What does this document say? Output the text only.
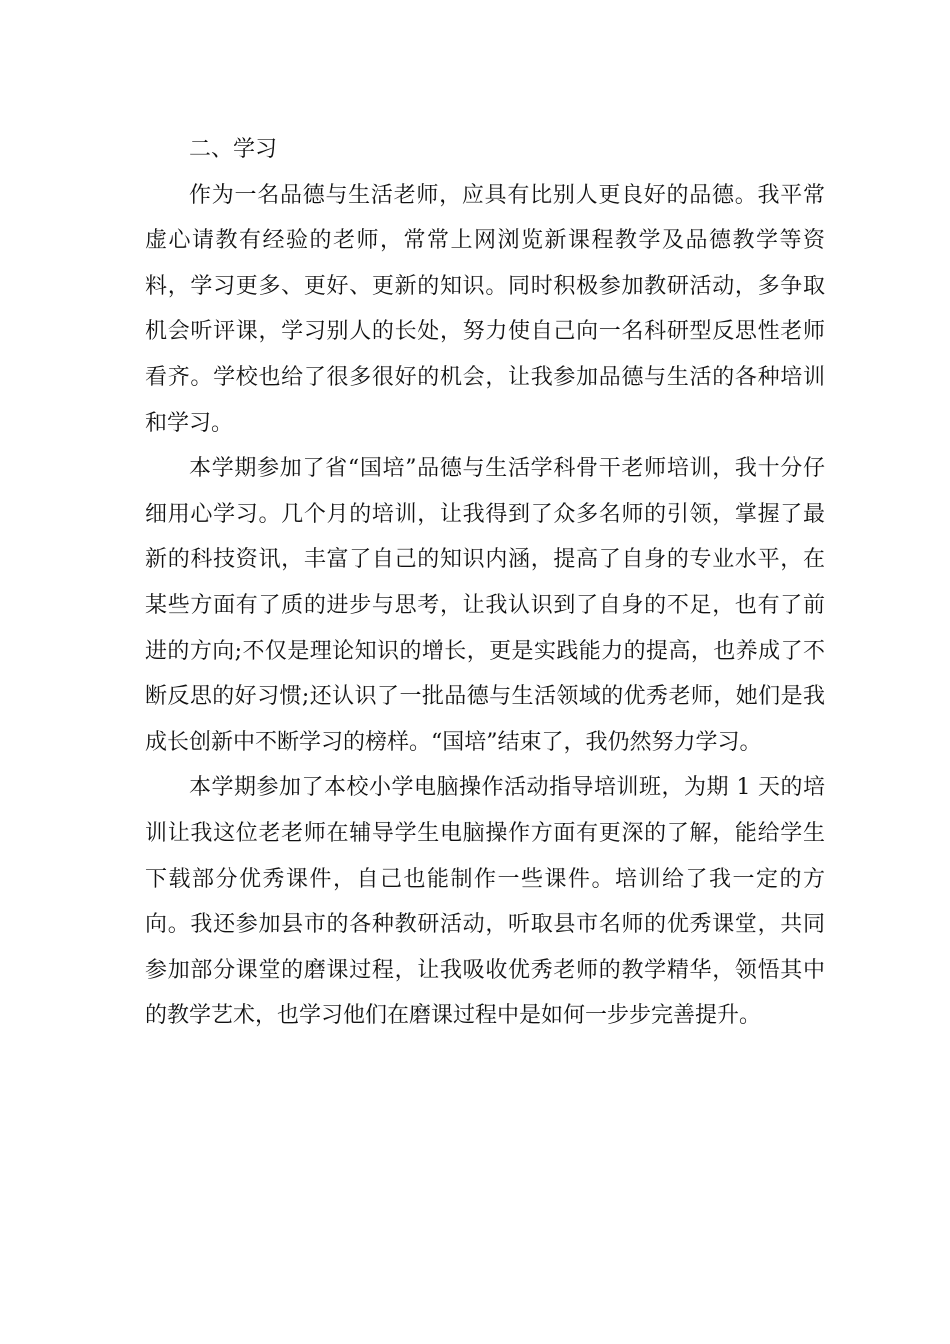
二、学习

作为一名品德与生活老师，应具有比别人更良好的品德。我平常虚心请教有经验的老师，常常上网浏览新课程教学及品德教学等资料，学习更多、更好、更新的知识。同时积极参加教研活动，多争取机会听评课，学习别人的长处，努力使自己向一名科研型反思性老师看齐。学校也给了很多很好的机会，让我参加品德与生活的各种培训和学习。

本学期参加了省“国培”品德与生活学科骨干老师培训，我十分仔细用心学习。几个月的培训，让我得到了众多名师的引领，掌握了最新的科技资讯，丰富了自己的知识内涵，提高了自身的专业水平，在某些方面有了质的进步与思考，让我认识到了自身的不足，也有了前进的方向;不仅是理论知识的增长，更是实践能力的提高，也养成了不断反思的好习惯;还认识了一批品德与生活领域的优秀老师，她们是我成长创新中不断学习的榜样。“国培”结束了，我仍然努力学习。

本学期参加了本校小学电脑操作活动指导培训班，为期 1 天的培训让我这位老老师在辅导学生电脑操作方面有更深的了解，能给学生下载部分优秀课件，自己也能制作一些课件。培训给了我一定的方向。我还参加县市的各种教研活动，听取县市名师的优秀课堂，共同参加部分课堂的磨课过程，让我吸收优秀老师的教学精华，领悟其中的教学艺术，也学习他们在磨课过程中是如何一步步完善提升。
